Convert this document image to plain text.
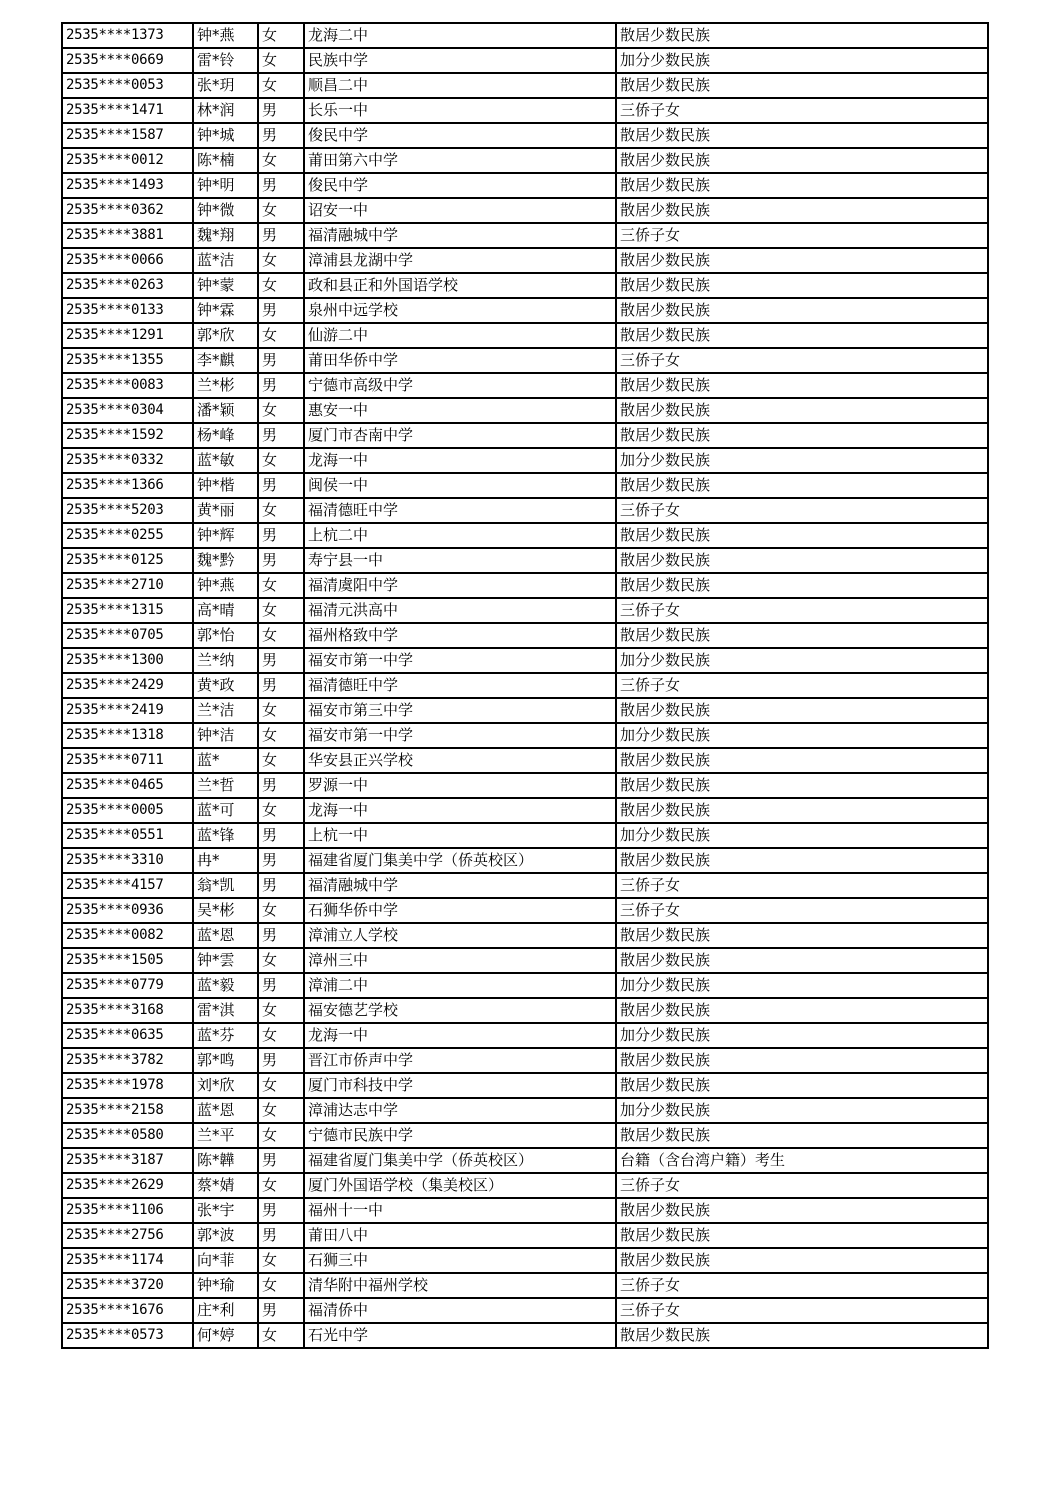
2535****1373	钟*燕	女	龙海二中	散居少数民族
2535****0669	雷*铃	女	民族中学	加分少数民族
2535****0053	张*玥	女	顺昌二中	散居少数民族
2535****1471	林*润	男	长乐一中	三侨子女
2535****1587	钟*城	男	俊民中学	散居少数民族
2535****0012	陈*楠	女	莆田第六中学	散居少数民族
2535****1493	钟*明	男	俊民中学	散居少数民族
2535****0362	钟*微	女	诏安一中	散居少数民族
2535****3881	魏*翔	男	福清融城中学	三侨子女
2535****0066	蓝*洁	女	漳浦县龙湖中学	散居少数民族
2535****0263	钟*蒙	女	政和县正和外国语学校	散居少数民族
2535****0133	钟*霖	男	泉州中远学校	散居少数民族
2535****1291	郭*欣	女	仙游二中	散居少数民族
2535****1355	李*麒	男	莆田华侨中学	三侨子女
2535****0083	兰*彬	男	宁德市高级中学	散居少数民族
2535****0304	潘*颖	女	惠安一中	散居少数民族
2535****1592	杨*峰	男	厦门市杏南中学	散居少数民族
2535****0332	蓝*敏	女	龙海一中	加分少数民族
2535****1366	钟*楷	男	闽侯一中	散居少数民族
2535****5203	黄*丽	女	福清德旺中学	三侨子女
2535****0255	钟*辉	男	上杭二中	散居少数民族
2535****0125	魏*黔	男	寿宁县一中	散居少数民族
2535****2710	钟*燕	女	福清虞阳中学	散居少数民族
2535****1315	高*晴	女	福清元洪高中	三侨子女
2535****0705	郭*怡	女	福州格致中学	散居少数民族
2535****1300	兰*纳	男	福安市第一中学	加分少数民族
2535****2429	黄*政	男	福清德旺中学	三侨子女
2535****2419	兰*洁	女	福安市第三中学	散居少数民族
2535****1318	钟*洁	女	福安市第一中学	加分少数民族
2535****0711	蓝*	女	华安县正兴学校	散居少数民族
2535****0465	兰*哲	男	罗源一中	散居少数民族
2535****0005	蓝*可	女	龙海一中	散居少数民族
2535****0551	蓝*锋	男	上杭一中	加分少数民族
2535****3310	冉*	男	福建省厦门集美中学（侨英校区）	散居少数民族
2535****4157	翁*凯	男	福清融城中学	三侨子女
2535****0936	吴*彬	女	石狮华侨中学	三侨子女
2535****0082	蓝*恩	男	漳浦立人学校	散居少数民族
2535****1505	钟*雲	女	漳州三中	散居少数民族
2535****0779	蓝*毅	男	漳浦二中	加分少数民族
2535****3168	雷*淇	女	福安德艺学校	散居少数民族
2535****0635	蓝*芬	女	龙海一中	加分少数民族
2535****3782	郭*鸣	男	晋江市侨声中学	散居少数民族
2535****1978	刘*欣	女	厦门市科技中学	散居少数民族
2535****2158	蓝*恩	女	漳浦达志中学	加分少数民族
2535****0580	兰*平	女	宁德市民族中学	散居少数民族
2535****3187	陈*韡	男	福建省厦门集美中学（侨英校区）	台籍（含台湾户籍）考生
2535****2629	蔡*婧	女	厦门外国语学校（集美校区）	三侨子女
2535****1106	张*宇	男	福州十一中	散居少数民族
2535****2756	郭*波	男	莆田八中	散居少数民族
2535****1174	向*菲	女	石狮三中	散居少数民族
2535****3720	钟*瑜	女	清华附中福州学校	三侨子女
2535****1676	庄*利	男	福清侨中	三侨子女
2535****0573	何*婷	女	石光中学	散居少数民族
